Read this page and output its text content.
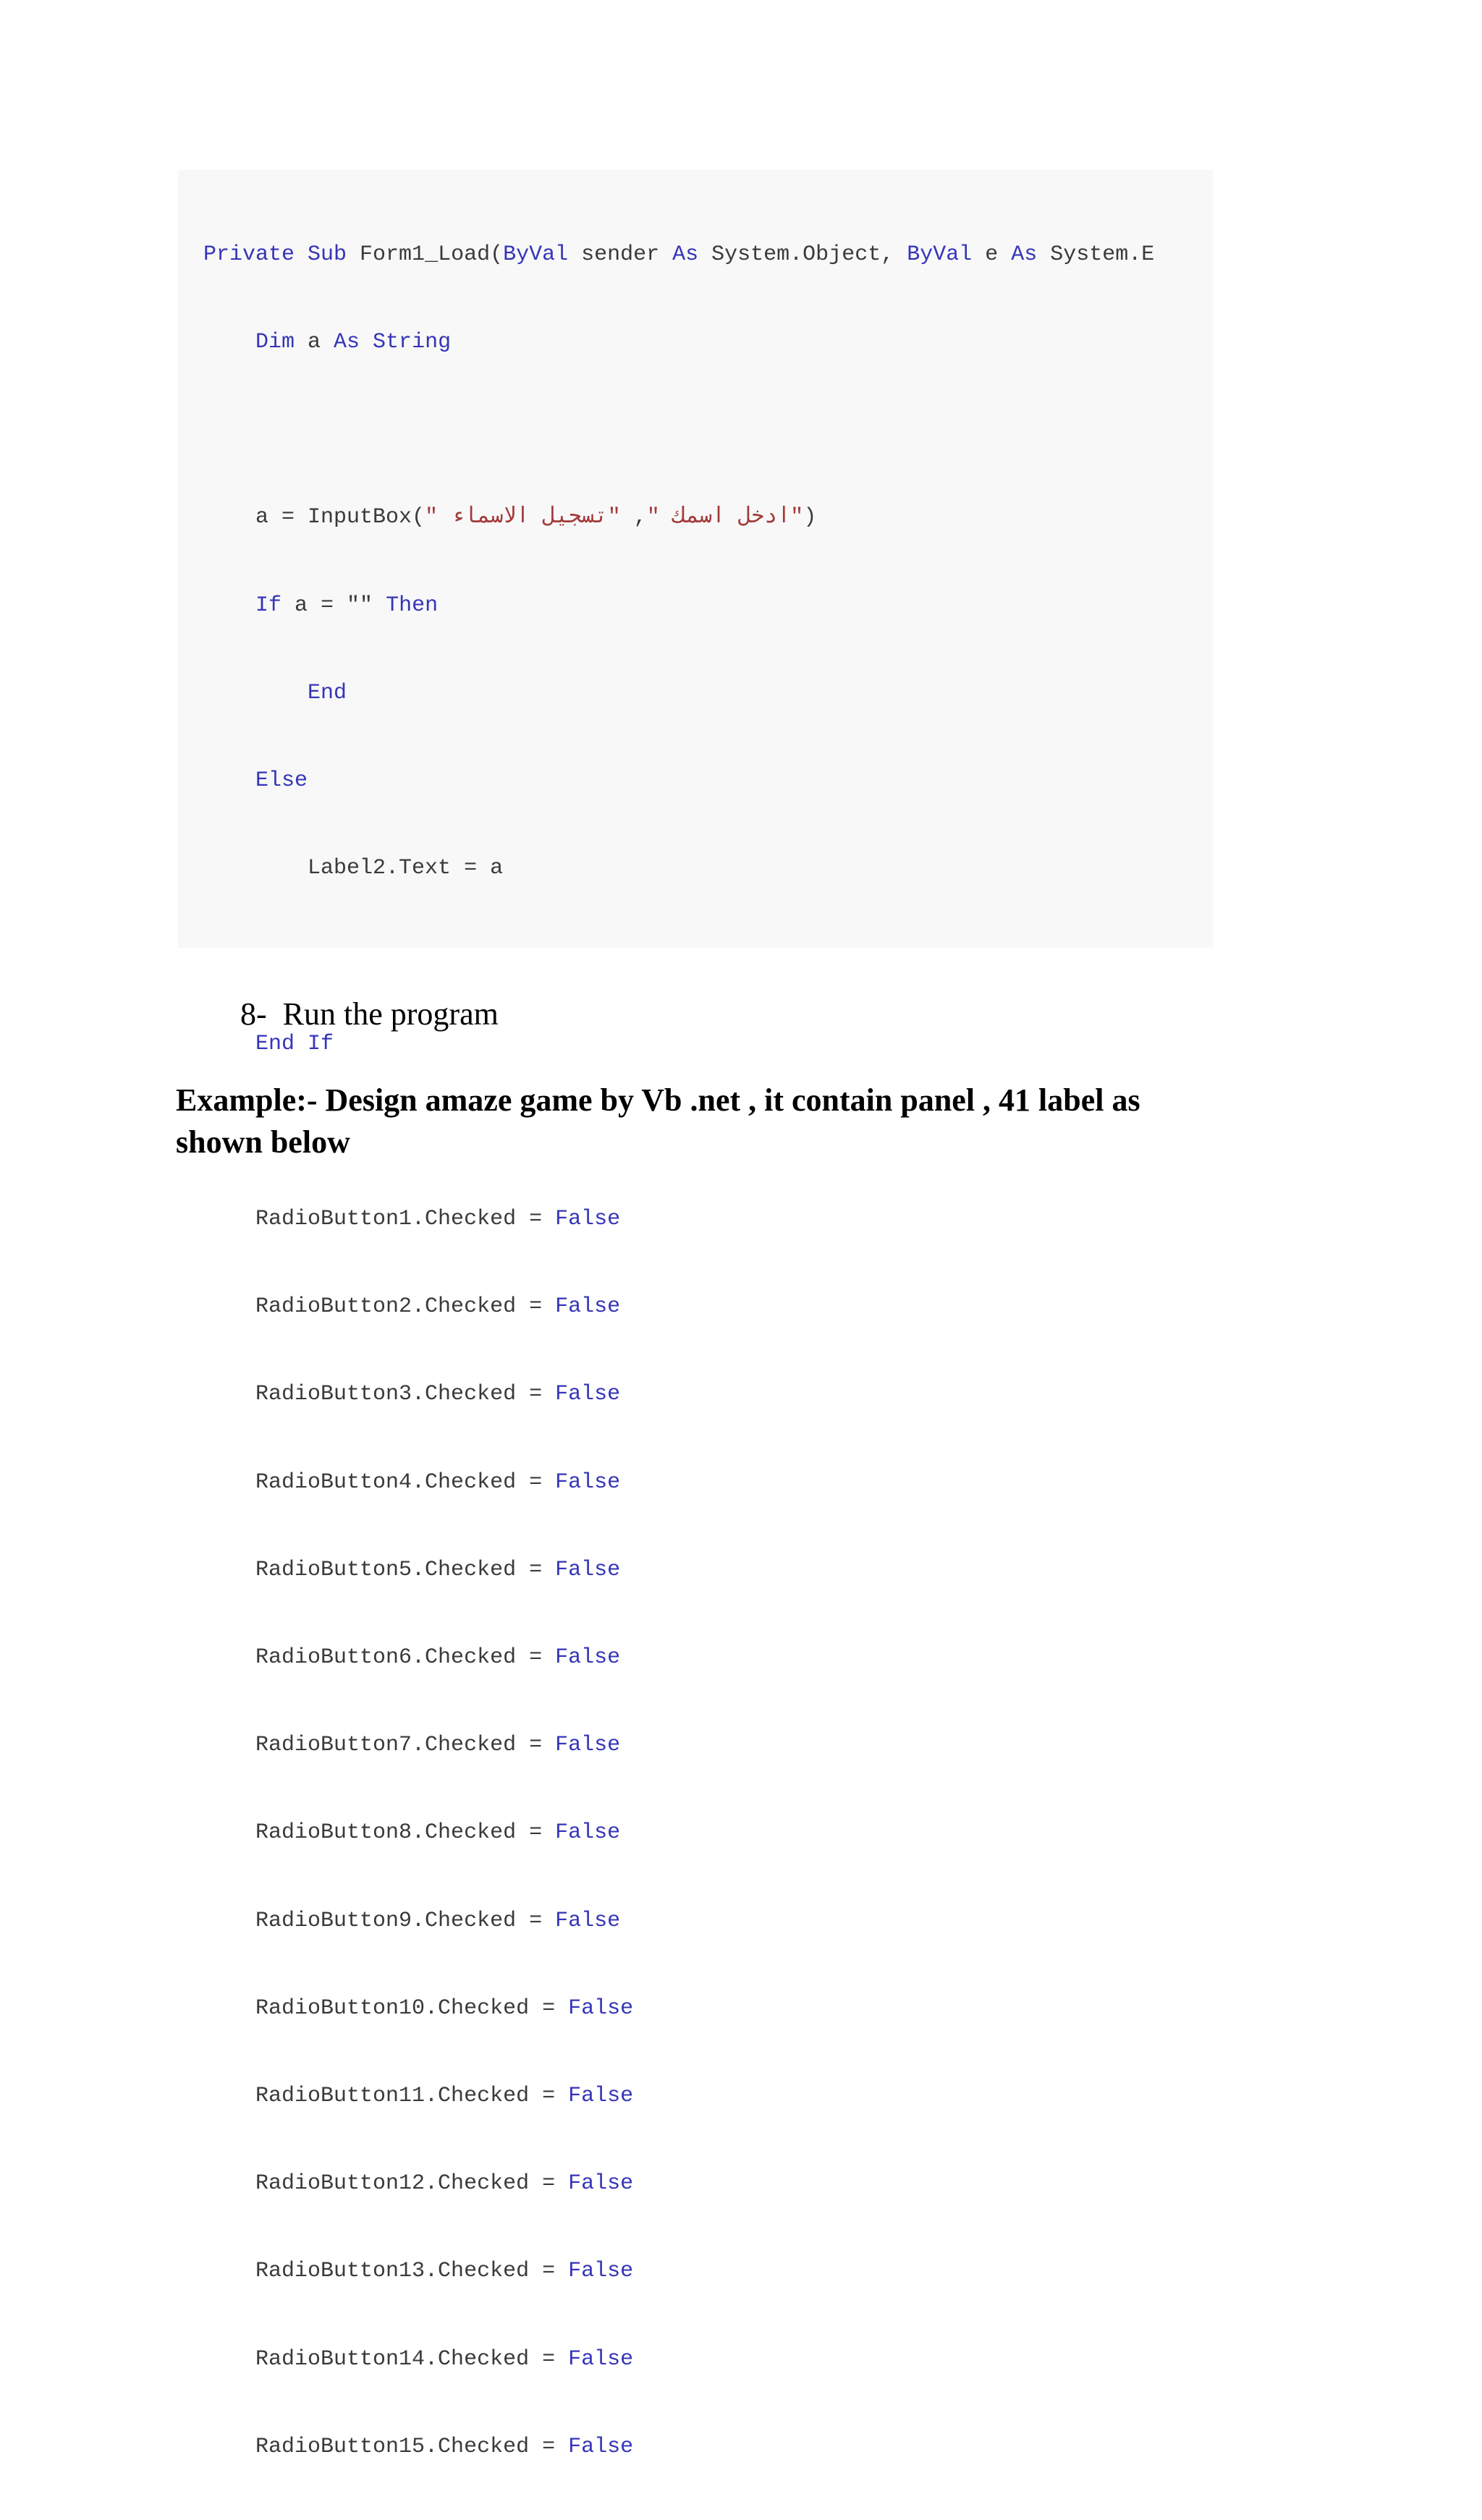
Private Sub Form1_Load(ByVal sender As System.Object, ByVal e As System.E

Dim a As String

a = InputBox(" ادخل اسمك ", "تسجيل الاسماء")

If a = "" Then

End

Else

Label2.Text = a

End If

RadioButton1.Checked = False

RadioButton2.Checked = False

RadioButton3.Checked = False

RadioButton4.Checked = False

RadioButton5.Checked = False

RadioButton6.Checked = False

RadioButton7.Checked = False

RadioButton8.Checked = False

RadioButton9.Checked = False

RadioButton10.Checked = False

RadioButton11.Checked = False

RadioButton12.Checked = False

RadioButton13.Checked = False

RadioButton14.Checked = False

RadioButton15.Checked = False

8- Run the program
Example:- Design amaze game by Vb .net , it contain panel , 41 label as
shown below
